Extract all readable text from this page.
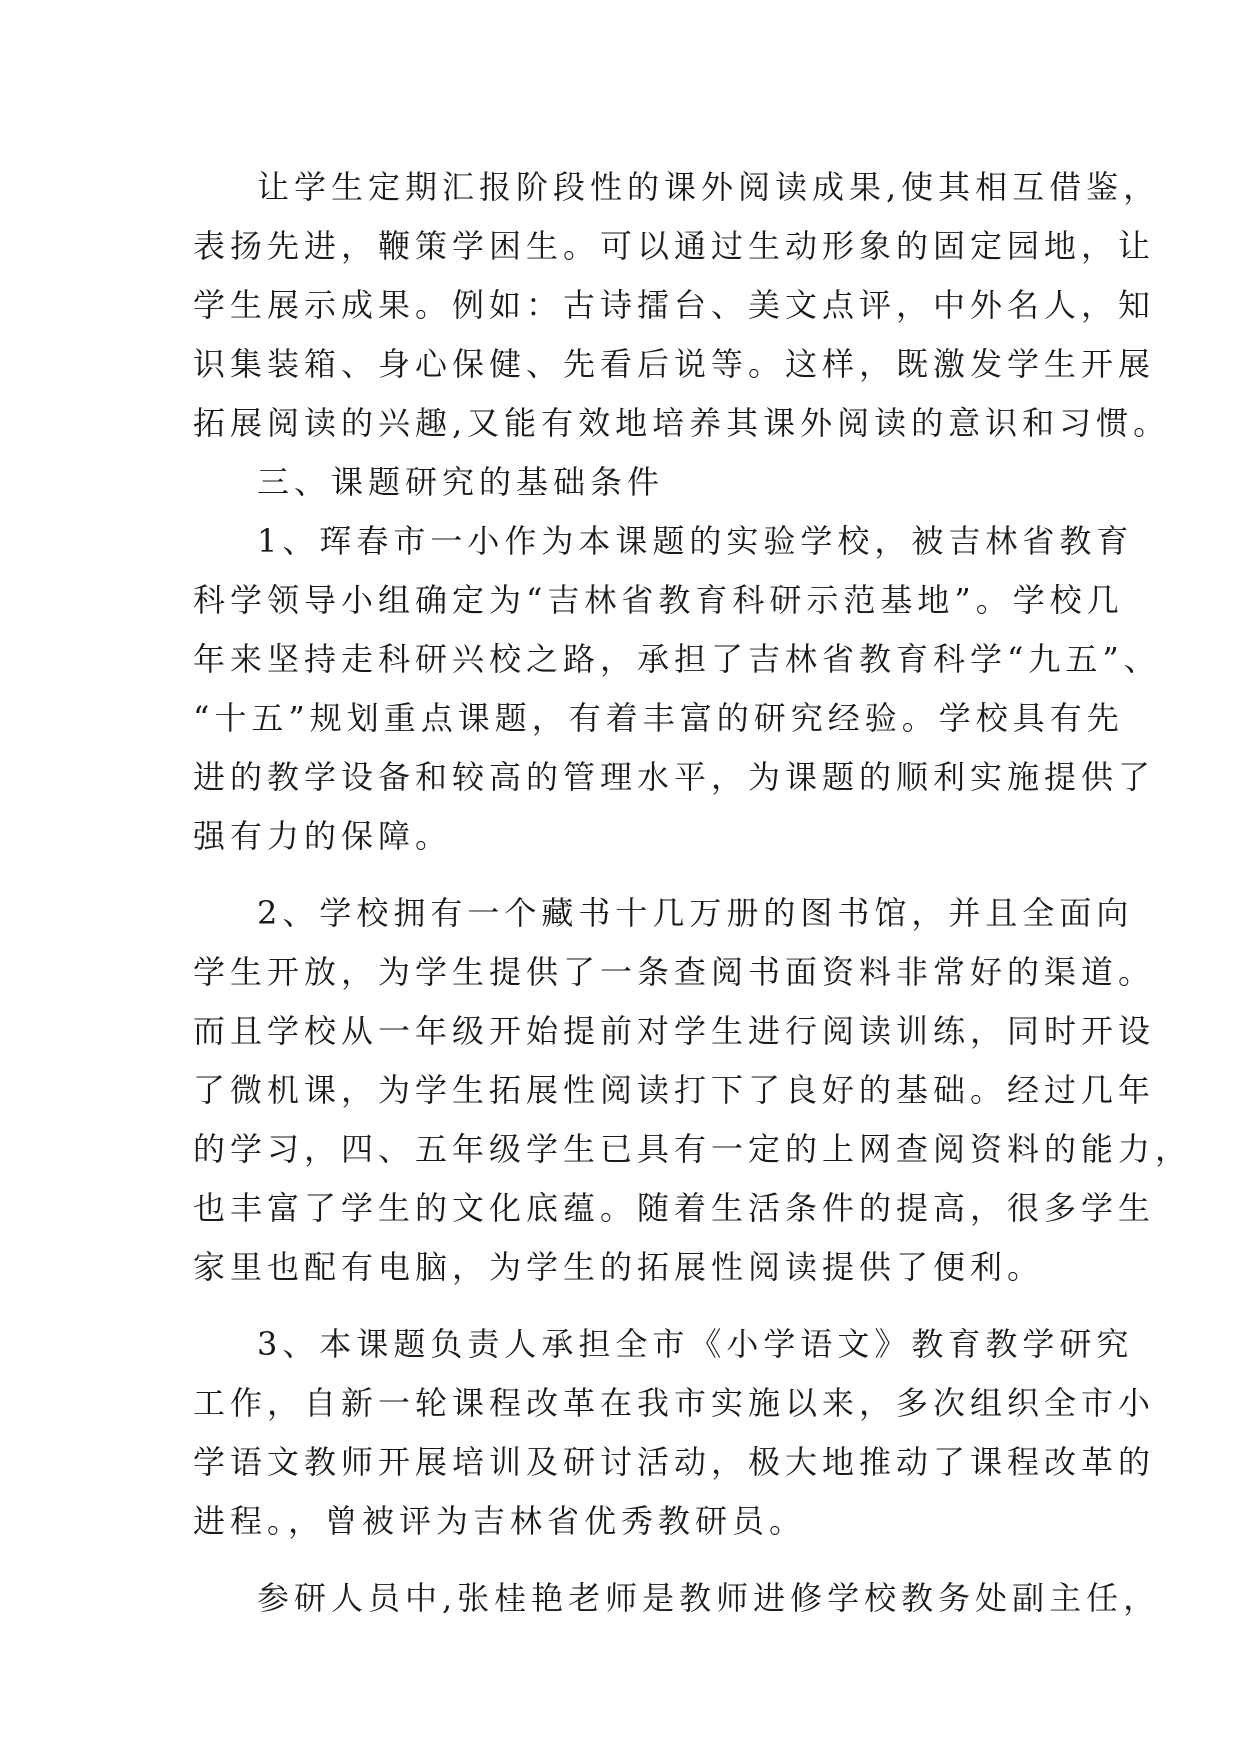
让学生定期汇报阶段性的课外阅读成果,使其相互借鉴，
表扬先进，鞭策学困生。可以通过生动形象的固定园地，让
学生展示成果。例如：古诗擂台、美文点评，中外名人，知
识集装箱、身心保健、先看后说等。这样，既激发学生开展
拓展阅读的兴趣,又能有效地培养其课外阅读的意识和习惯。
三、课题研究的基础条件
1、珲春市一小作为本课题的实验学校，被吉林省教育
科学领导小组确定为“吉林省教育科研示范基地”。学校几
年来坚持走科研兴校之路，承担了吉林省教育科学“九五”、
“十五”规划重点课题，有着丰富的研究经验。学校具有先
进的教学设备和较高的管理水平，为课题的顺利实施提供了
强有力的保障。
2、学校拥有一个藏书十几万册的图书馆，并且全面向
学生开放，为学生提供了一条查阅书面资料非常好的渠道。
而且学校从一年级开始提前对学生进行阅读训练，同时开设
了微机课，为学生拓展性阅读打下了良好的基础。经过几年
的学习，四、五年级学生已具有一定的上网查阅资料的能力，
也丰富了学生的文化底蕴。随着生活条件的提高，很多学生
家里也配有电脑，为学生的拓展性阅读提供了便利。
3、本课题负责人承担全市《小学语文》教育教学研究
工作，自新一轮课程改革在我市实施以来，多次组织全市小
学语文教师开展培训及研讨活动，极大地推动了课程改革的
进程。，曾被评为吉林省优秀教研员。
参研人员中,张桂艳老师是教师进修学校教务处副主任，
